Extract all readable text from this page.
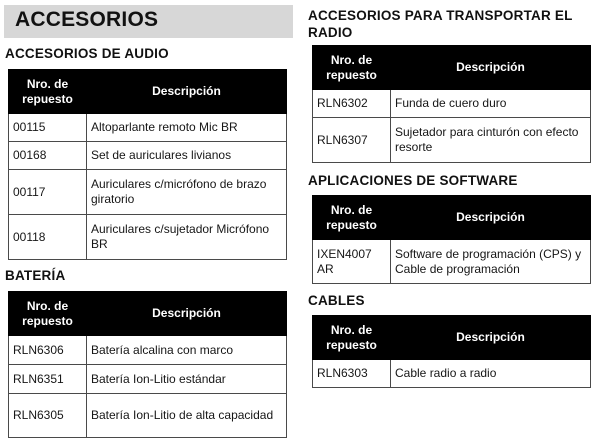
ACCESORIOS
ACCESORIOS DE AUDIO
Nro. de repuesto	Descripción
00115	Altoparlante remoto Mic BR
00168	Set de auriculares livianos
00117	Auriculares c/micrófono de brazo giratorio
00118	Auriculares c/sujetador Micrófono BR
BATERÍA
Nro. de repuesto	Descripción
RLN6306	Batería alcalina con marco
RLN6351	Batería Ion-Litio estándar
RLN6305	Batería Ion-Litio de alta capacidad
ACCESORIOS PARA TRANSPORTAR EL RADIO
Nro. de repuesto	Descripción
RLN6302	Funda de cuero duro
RLN6307	Sujetador para cinturón con efecto resorte
APLICACIONES DE SOFTWARE
Nro. de repuesto	Descripción
IXEN4007 AR	Software de programación (CPS) y Cable de programación
CABLES
Nro. de repuesto	Descripción
RLN6303	Cable radio a radio
